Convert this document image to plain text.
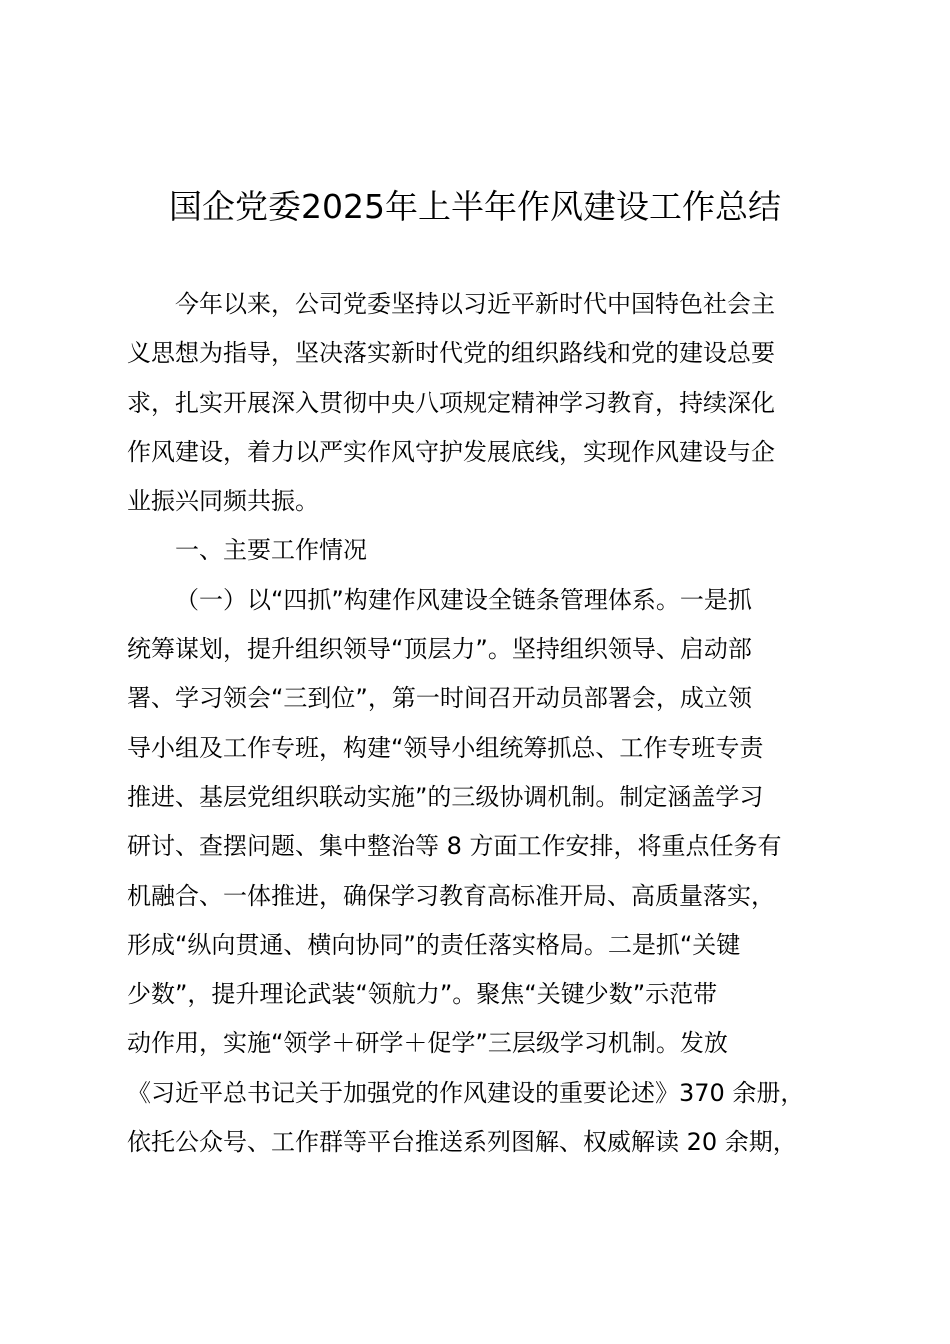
国企党委2025年上半年作风建设工作总结
今年以来，公司党委坚持以习近平新时代中国特色社会主
义思想为指导，坚决落实新时代党的组织路线和党的建设总要
求，扎实开展深入贯彻中央八项规定精神学习教育，持续深化
作风建设，着力以严实作风守护发展底线，实现作风建设与企
业振兴同频共振。
一、主要工作情况
（一）以“四抓”构建作风建设全链条管理体系。一是抓
统筹谋划，提升组织领导“顶层力”。坚持组织领导、启动部
署、学习领会“三到位”，第一时间召开动员部署会，成立领
导小组及工作专班，构建“领导小组统筹抓总、工作专班专责
推进、基层党组织联动实施”的三级协调机制。制定涵盖学习
研讨、查摆问题、集中整治等 8 方面工作安排，将重点任务有
机融合、一体推进，确保学习教育高标准开局、高质量落实，
形成“纵向贯通、横向协同”的责任落实格局。二是抓“关键
少数”，提升理论武装“领航力”。聚焦“关键少数”示范带
动作用，实施“领学＋研学＋促学”三层级学习机制。发放
《习近平总书记关于加强党的作风建设的重要论述》370 余册，
依托公众号、工作群等平台推送系列图解、权威解读 20 余期，
